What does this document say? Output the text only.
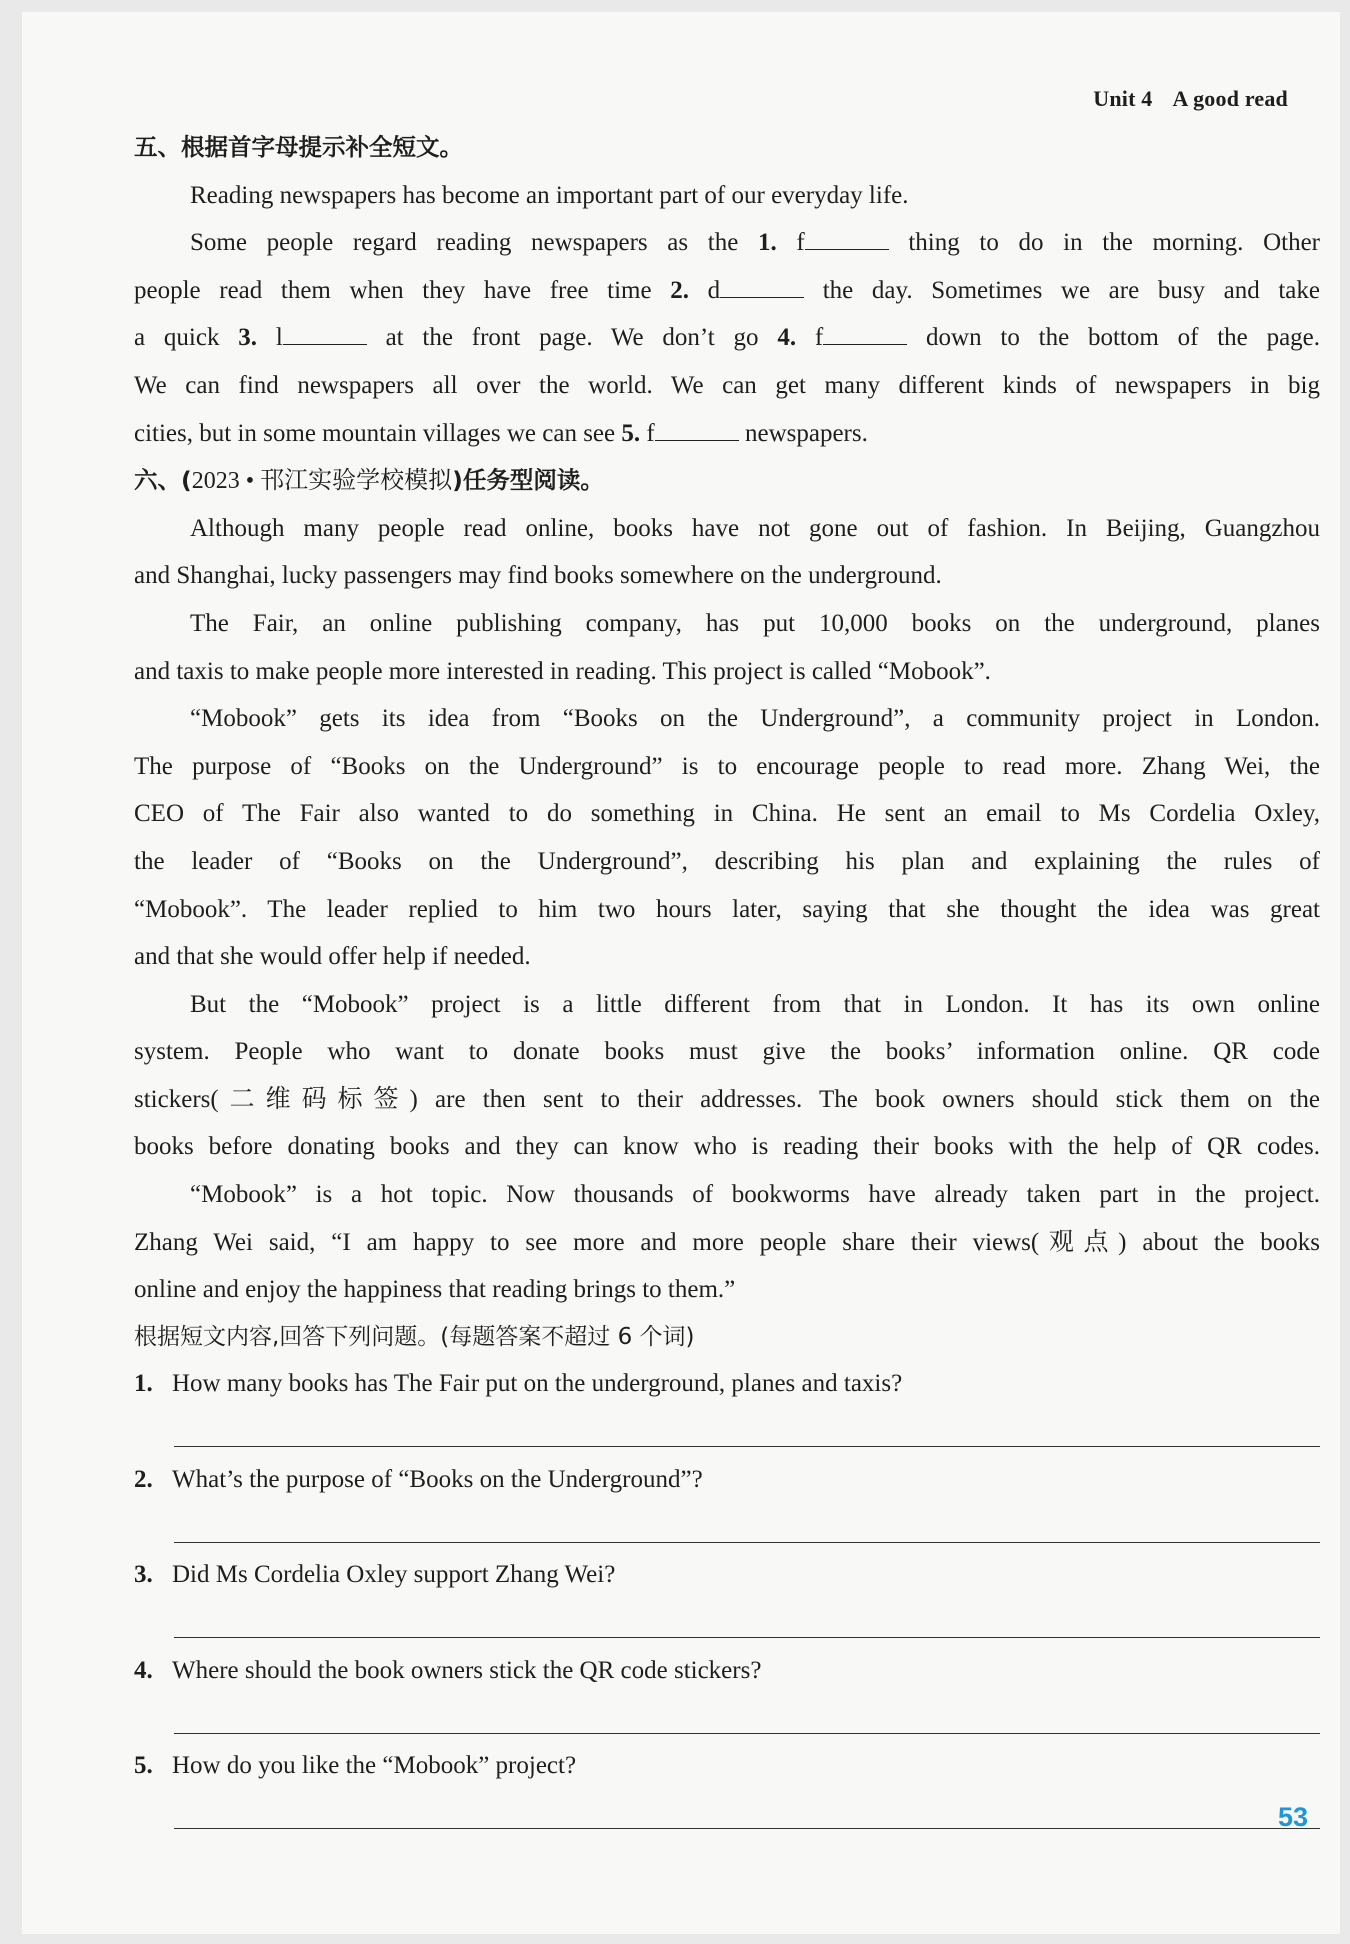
Unit 4 A good read
五、根据首字母提示补全短文。
Reading newspapers has become an important part of our everyday life.
Some people regard reading newspapers as the 1. f	thing to do in the morning. Other
people read them when they have free time 2. d	the day. Sometimes we are busy and take
a quick 3. l	at the front page. We don’t go 4. f	down to the bottom of the page.
We can find newspapers all over the world. We can get many different kinds of newspapers in big
cities, but in some mountain villages we can see 5. f	newspapers.
六、(2023 • 邗江实验学校模拟)任务型阅读。
Although many people read online, books have not gone out of fashion. In Beijing, Guangzhou
and Shanghai, lucky passengers may find books somewhere on the underground.
The Fair, an online publishing company, has put 10,000 books on the underground, planes
and taxis to make people more interested in reading. This project is called “Mobook”.
“Mobook” gets its idea from “Books on the Underground”, a community project in London.
The purpose of “Books on the Underground” is to encourage people to read more. Zhang Wei, the
CEO of The Fair also wanted to do something in China. He sent an email to Ms Cordelia Oxley,
the leader of “Books on the Underground”, describing his plan and explaining the rules of
“Mobook”. The leader replied to him two hours later, saying that she thought the idea was great
and that she would offer help if needed.
But the “Mobook” project is a little different from that in London. It has its own online
system. People who want to donate books must give the books’ information online. QR code
stickers(二维码标签) are then sent to their addresses. The book owners should stick them on the
books before donating books and they can know who is reading their books with the help of QR codes.
“Mobook” is a hot topic. Now thousands of bookworms have already taken part in the project.
Zhang Wei said, “I am happy to see more and more people share their views(观点) about the books
online and enjoy the happiness that reading brings to them.”
根据短文内容,回答下列问题。(每题答案不超过 6 个词)
1. How many books has The Fair put on the underground, planes and taxis?
2. What’s the purpose of “Books on the Underground”?
3. Did Ms Cordelia Oxley support Zhang Wei?
4. Where should the book owners stick the QR code stickers?
5. How do you like the “Mobook” project?
53
